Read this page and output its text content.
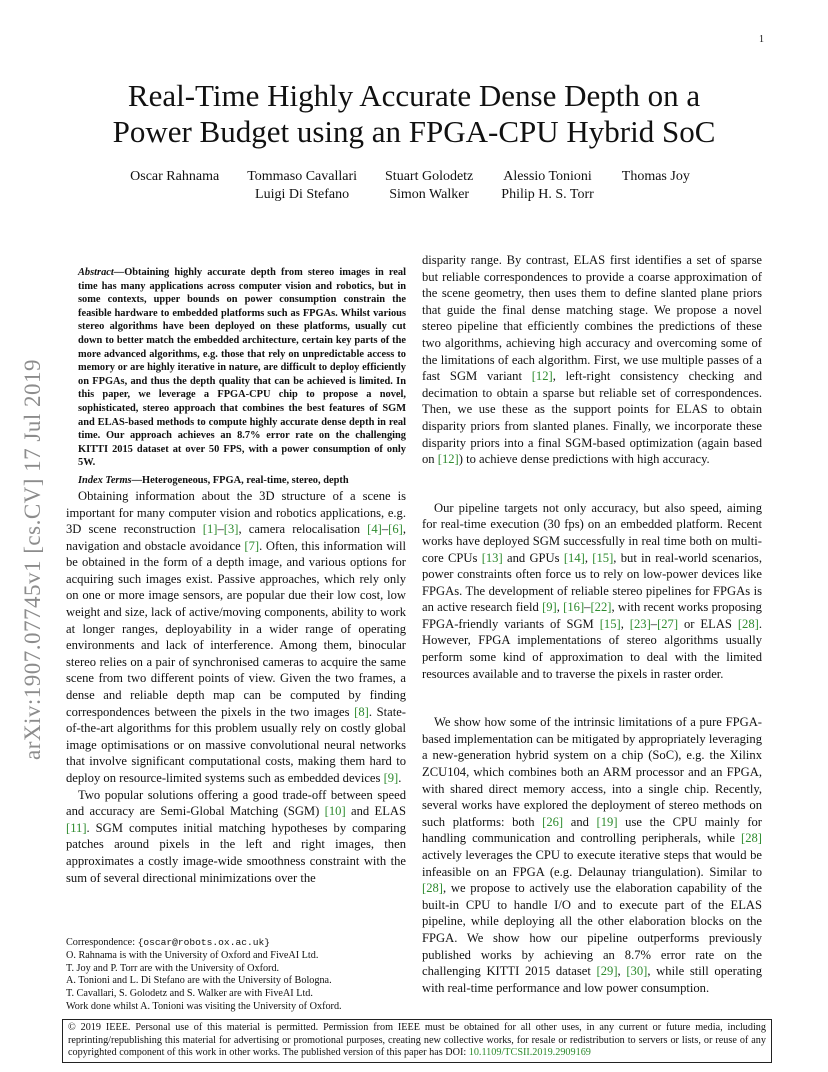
1
arXiv:1907.07745v1 [cs.CV] 17 Jul 2019
Real-Time Highly Accurate Dense Depth on a
Power Budget using an FPGA-CPU Hybrid SoC
Oscar Rahnama Tommaso Cavallari
Luigi Di Stefano
Stuart Golodetz
Simon Walker
Alessio Tonioni
Philip H. S. Torr
Thomas Joy

Abstract—Obtaining highly accurate depth from stereo images in real time has many applications across computer vision and robotics, but in some contexts, upper bounds on power consumption constrain the feasible hardware to embedded platforms such as FPGAs. Whilst various stereo algorithms have been deployed on these platforms, usually cut down to better match the embedded architecture, certain key parts of the more advanced algorithms, e.g. those that rely on unpredictable access to memory or are highly iterative in nature, are difficult to deploy efficiently on FPGAs, and thus the depth quality that can be achieved is limited. In this paper, we leverage a FPGA-CPU chip to propose a novel, sophisticated, stereo approach that combines the best features of SGM and ELAS-based methods to compute highly accurate dense depth in real time. Our approach achieves an 8.7% error rate on the challenging KITTI 2015 dataset at over 50 FPS, with a power consumption of only 5W.

Index Terms—Heterogeneous, FPGA, real-time, stereo, depth

Obtaining information about the 3D structure of a scene is important for many computer vision and robotics applications, e.g. 3D scene reconstruction [1]–[3], camera relocalisation [4]–[6], navigation and obstacle avoidance [7]. Often, this information will be obtained in the form of a depth image, and various options for acquiring such images exist. Passive approaches, which rely only on one or more image sensors, are popular due their low cost, low weight and size, lack of active/moving components, ability to work at longer ranges, deployability in a wider range of operating environments and lack of interference. Among them, binocular stereo relies on a pair of synchronised cameras to acquire the same scene from two different points of view. Given the two frames, a dense and reliable depth map can be computed by finding correspondences between the pixels in the two images [8]. State-of-the-art algorithms for this problem usually rely on costly global image optimisations or on massive convolutional neural networks that involve significant computational costs, making them hard to deploy on resource-limited systems such as embedded devices [9].

Two popular solutions offering a good trade-off between speed and accuracy are Semi-Global Matching (SGM) [10] and ELAS [11]. SGM computes initial matching hypotheses by comparing patches around pixels in the left and right images, then approximates a costly image-wide smoothness constraint with the sum of several directional minimizations over the

Correspondence: {oscar@robots.ox.ac.uk}
O. Rahnama is with the University of Oxford and FiveAI Ltd.
T. Joy and P. Torr are with the University of Oxford.
A. Tonioni and L. Di Stefano are with the University of Bologna.
T. Cavallari, S. Golodetz and S. Walker are with FiveAI Ltd.
Work done whilst A. Tonioni was visiting the University of Oxford.

disparity range. By contrast, ELAS first identifies a set of sparse but reliable correspondences to provide a coarse approximation of the scene geometry, then uses them to define slanted plane priors that guide the final dense matching stage. We propose a novel stereo pipeline that efficiently combines the predictions of these two algorithms, achieving high accuracy and overcoming some of the limitations of each algorithm. First, we use multiple passes of a fast SGM variant [12], left-right consistency checking and decimation to obtain a sparse but reliable set of correspondences. Then, we use these as the support points for ELAS to obtain disparity priors from slanted planes. Finally, we incorporate these disparity priors into a final SGM-based optimization (again based on [12]) to achieve dense predictions with high accuracy.

Our pipeline targets not only accuracy, but also speed, aiming for real-time execution (30 fps) on an embedded platform. Recent works have deployed SGM successfully in real time both on multi-core CPUs [13] and GPUs [14], [15], but in real-world scenarios, power constraints often force us to rely on low-power devices like FPGAs. The development of reliable stereo pipelines for FPGAs is an active research field [9], [16]–[22], with recent works proposing FPGA-friendly variants of SGM [15], [23]–[27] or ELAS [28]. However, FPGA implementations of stereo algorithms usually perform some kind of approximation to deal with the limited resources available and to traverse the pixels in raster order.

We show how some of the intrinsic limitations of a pure FPGA-based implementation can be mitigated by appropriately leveraging a new-generation hybrid system on a chip (SoC), e.g. the Xilinx ZCU104, which combines both an ARM processor and an FPGA, with shared direct memory access, into a single chip. Recently, several works have explored the deployment of stereo methods on such platforms: both [26] and [19] use the CPU mainly for handling communication and controlling peripherals, while [28] actively leverages the CPU to execute iterative steps that would be infeasible on an FPGA (e.g. Delaunay triangulation). Similar to [28], we propose to actively use the elaboration capability of the built-in CPU to handle I/O and to execute part of the ELAS pipeline, while deploying all the other elaboration blocks on the FPGA. We show how our pipeline outperforms previously published works by achieving an 8.7% error rate on the challenging KITTI 2015 dataset [29], [30], while still operating with real-time performance and low power consumption.

© 2019 IEEE. Personal use of this material is permitted. Permission from IEEE must be obtained for all other uses, in any current or future media, including reprinting/republishing this material for advertising or promotional purposes, creating new collective works, for resale or redistribution to servers or lists, or reuse of any copyrighted component of this work in other works. The published version of this paper has DOI: 10.1109/TCSII.2019.2909169
